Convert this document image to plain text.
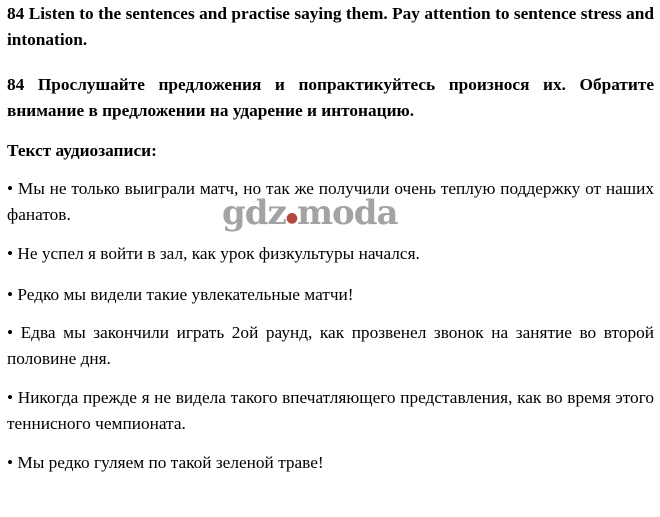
84 Listen to the sentences and practise saying them. Pay attention to sentence stress and intonation.

84 Прослушайте предложения и попрактикуйтесь произнося их. Обратите внимание в предложении на ударение и интонацию.

Текст аудиозаписи:

• Мы не только выиграли матч, но так же получили очень теплую поддержку от наших фанатов.

• Не успел я войти в зал, как урок физкультуры начался.

• Редко мы видели такие увлекательные матчи!

• Едва мы закончили играть 2ой раунд, как прозвенел звонок на занятие во второй половине дня.

• Никогда прежде я не видела такого впечатляющего представления, как во время этого теннисного чемпионата.

• Мы редко гуляем по такой зеленой траве!

gdz●moda
